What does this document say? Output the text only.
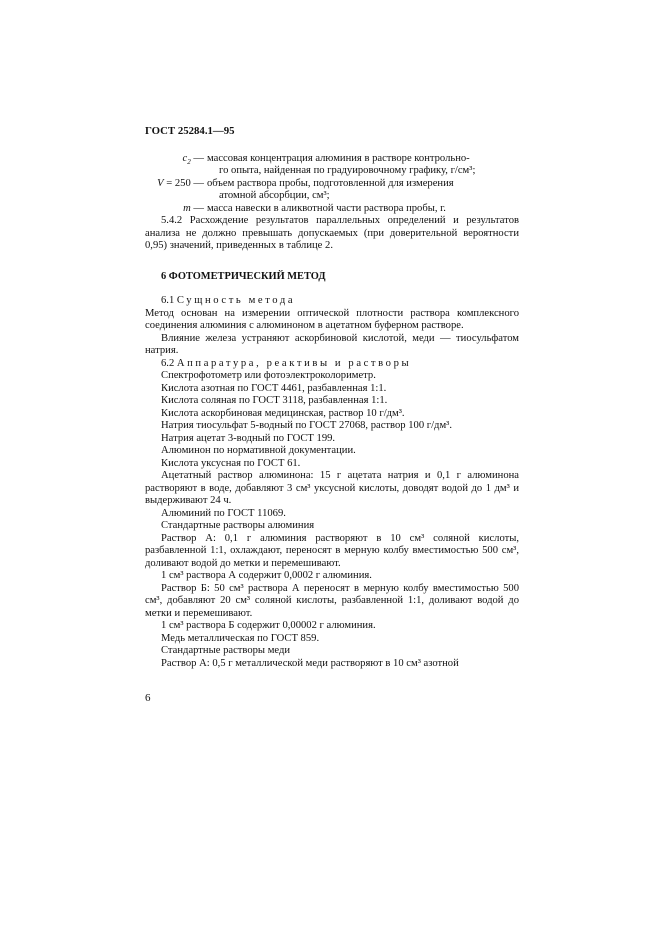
ГОСТ 25284.1—95
$c_2$ — массовая концентрация алюминия в растворе контрольно-
го опыта, найденная по градуировочному графику, г/см³;
V = 250 — объем раствора пробы, подготовленной для измерения
атомной абсорбции, см³;
m — масса навески в аликвотной части раствора пробы, г.

5.4.2 Расхождение результатов параллельных определений и результатов анализа не должно превышать допускаемых (при доверительной вероятности 0,95) значений, приведенных в таблице 2.

6 ФОТОМЕТРИЧЕСКИЙ МЕТОД

6.1 Сущность метода

Метод основан на измерении оптической плотности раствора комплексного соединения алюминия с алюминоном в ацетатном буферном растворе.

Влияние железа устраняют аскорбиновой кислотой, меди — тиосульфатом натрия.

6.2 Аппаратура, реактивы и растворы

Спектрофотометр или фотоэлектроколориметр.

Кислота азотная по ГОСТ 4461, разбавленная 1:1.

Кислота соляная по ГОСТ 3118, разбавленная 1:1.

Кислота аскорбиновая медицинская, раствор 10 г/дм³.

Натрия тиосульфат 5-водный по ГОСТ 27068, раствор 100 г/дм³.

Натрия ацетат 3-водный по ГОСТ 199.

Алюминон по нормативной документации.

Кислота уксусная по ГОСТ 61.

Ацетатный раствор алюминона: 15 г ацетата натрия и 0,1 г алюминона растворяют в воде, добавляют 3 см³ уксусной кислоты, доводят водой до 1 дм³ и выдерживают 24 ч.

Алюминий по ГОСТ 11069.

Стандартные растворы алюминия

Раствор А: 0,1 г алюминия растворяют в 10 см³ соляной кислоты, разбавленной 1:1, охлаждают, переносят в мерную колбу вместимостью 500 см³, доливают водой до метки и перемешивают.

1 см³ раствора А содержит 0,0002 г алюминия.

Раствор Б: 50 см³ раствора А переносят в мерную колбу вместимостью 500 см³, добавляют 20 см³ соляной кислоты, разбавленной 1:1, доливают водой до метки и перемешивают.

1 см³ раствора Б содержит 0,00002 г алюминия.

Медь металлическая по ГОСТ 859.

Стандартные растворы меди

Раствор А: 0,5 г металлической меди растворяют в 10 см³ азотной

6
